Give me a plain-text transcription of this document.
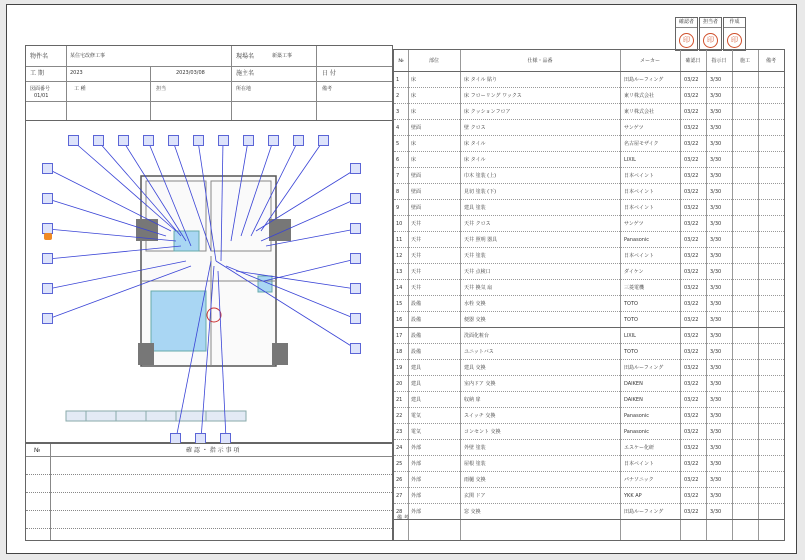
確認者
印
担当者
印
作成
印
物件名	某住宅改修工事	現場名	新築工事
工 期	2023	2023/03/08	施主名	日 付
図面番号
01/01
工 種	担当	所在地	備考
№	確 認 ・ 指 示 事 項
№	部位	仕様・品番	メーカー	確認日	指示日	施工	備考
1	床	床 タイル 貼り	田島ルーフィング	03/22	3/30
2	床	床 フローリング ワックス	東リ株式会社	03/22	3/30
3	床	床 クッションフロア	東リ株式会社	03/22	3/30
4	壁面	壁 クロス	サンゲツ	03/22	3/30
5	床	床 タイル	名古屋モザイク	03/22	3/30
6	床	床 タイル	LIXIL	03/22	3/30
7	壁面	巾木 塗装 (上)	日本ペイント	03/22	3/30
8	壁面	見切 塗装 (下)	日本ペイント	03/22	3/30
9	壁面	建具 塗装	日本ペイント	03/22	3/30
10	天井	天井 クロス	サンゲツ	03/22	3/30
11	天井	天井 照明 器具	Panasonic	03/22	3/30
12	天井	天井 塗装	日本ペイント	03/22	3/30
13	天井	天井 点検口	ダイケン	03/22	3/30
14	天井	天井 換気 扇	三菱電機	03/22	3/30
15	設備	水栓 交換	TOTO	03/22	3/30
16	設備	便器 交換	TOTO	03/22	3/30
17	設備	洗面化粧台	LIXIL	03/22	3/30
18	設備	ユニットバス	TOTO	03/22	3/30
19	建具	建具 交換	田島ルーフィング	03/22	3/30
20	建具	室内ドア 交換	DAIKEN	03/22	3/30
21	建具	収納 扉	DAIKEN	03/22	3/30
22	電気	スイッチ 交換	Panasonic	03/22	3/30
23	電気	コンセント 交換	Panasonic	03/22	3/30
24	外部	外壁 塗装	エスケー化研	03/22	3/30
25	外部	屋根 塗装	日本ペイント	03/22	3/30
26	外部	雨樋 交換	パナソニック	03/22	3/30
27	外部	玄関 ドア	YKK AP	03/22	3/30
28	外部	窓 交換	田島ルーフィング	03/22	3/30
備 考
